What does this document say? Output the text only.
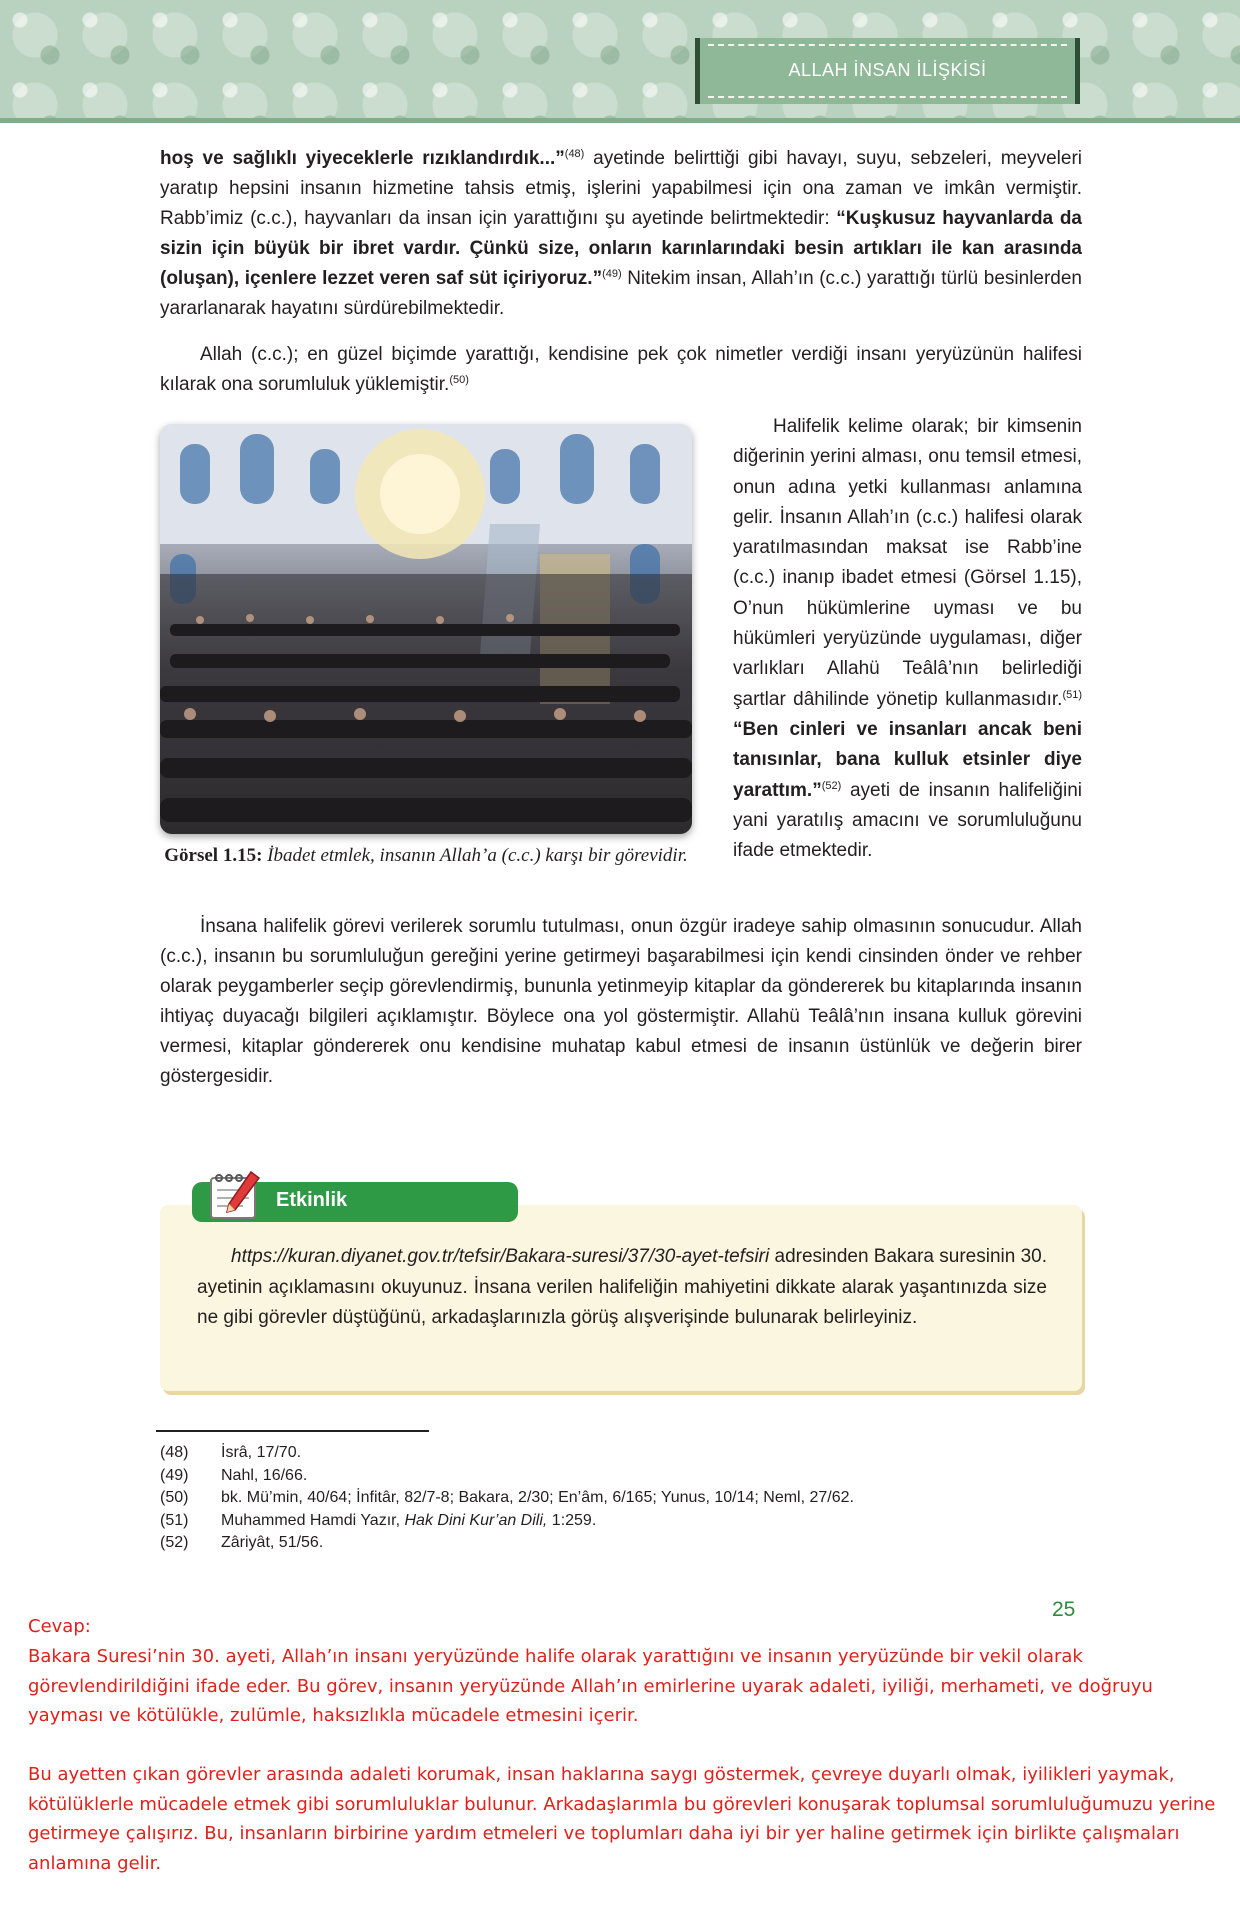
ALLAH İNSAN İLİŞKİSİ

hoş ve sağlıklı yiyeceklerle rızıklandırdık...”$^{(48)}$ ayetinde belirttiği gibi havayı, suyu, sebzeleri, meyveleri yaratıp hepsini insanın hizmetine tahsis etmiş, işlerini yapabilmesi için ona zaman ve imkân vermiştir. Rabb’imiz (c.c.), hayvanları da insan için yarattığını şu ayetinde belirtmektedir: “Kuşkusuz hayvanlarda da sizin için büyük bir ibret vardır. Çünkü size, onların karınlarındaki besin artıkları ile kan arasında (oluşan), içenlere lezzet veren saf süt içiriyoruz.”$^{(49)}$ Nitekim insan, Allah’ın (c.c.) yarattığı türlü besinlerden yararlanarak hayatını sürdürebilmektedir.

Allah (c.c.); en güzel biçimde yarattığı, kendisine pek çok nimetler verdiği insanı yeryüzünün halifesi kılarak ona sorumluluk yüklemiştir.$^{(50)}$

Görsel 1.15: İbadet etmlek, insanın Allah’a (c.c.) karşı bir görevidir.

Halifelik kelime olarak; bir kimsenin diğerinin yerini alması, onu temsil etmesi, onun adına yetki kullanması anlamına gelir. İnsanın Allah’ın (c.c.) halifesi olarak yaratılmasından maksat ise Rabb’ine (c.c.) inanıp ibadet etmesi (Görsel 1.15), O’nun hükümlerine uyması ve bu hükümleri yeryüzünde uygulaması, diğer varlıkları Allahü Teâlâ’nın belirlediği şartlar dâhilinde yönetip kullanmasıdır.$^{(51)}$ “Ben cinleri ve insanları ancak beni tanısınlar, bana kulluk etsinler diye yarattım.”$^{(52)}$ ayeti de insanın halifeliğini yani yaratılış amacını ve sorumluluğunu ifade etmektedir.

İnsana halifelik görevi verilerek sorumlu tutulması, onun özgür iradeye sahip olmasının sonucudur. Allah (c.c.), insanın bu sorumluluğun gereğini yerine getirmeyi başarabilmesi için kendi cinsinden önder ve rehber olarak peygamberler seçip görevlendirmiş, bununla yetinmeyip kitaplar da göndererek bu kitaplarında insanın ihtiyaç duyacağı bilgileri açıklamıştır. Böylece ona yol göstermiştir. Allahü Teâlâ’nın insana kulluk görevini vermesi, kitaplar göndererek onu kendisine muhatap kabul etmesi de insanın üstünlük ve değerin birer göstergesidir.

Etkinlik

https://kuran.diyanet.gov.tr/tefsir/Bakara-suresi/37/30-ayet-tefsiri adresinden Bakara suresinin 30. ayetinin açıklamasını okuyunuz. İnsana verilen halifeliğin mahiyetini dikkate alarak yaşantınızda size ne gibi görevler düştüğünü, arkadaşlarınızla görüş alışverişinde bulunarak belirleyiniz.

(48)	İsrâ, 17/70.
(49)	Nahl, 16/66.
(50)	bk. Mü’min, 40/64; İnfitâr, 82/7-8; Bakara, 2/30; En’âm, 6/165; Yunus, 10/14; Neml, 27/62.
(51)	Muhammed Hamdi Yazır, Hak Dini Kur’an Dili, 1:259.
(52)	Zâriyât, 51/56.
25

Cevap:

Bakara Suresi’nin 30. ayeti, Allah’ın insanı yeryüzünde halife olarak yarattığını ve insanın yeryüzünde bir vekil olarak görevlendirildiğini ifade eder. Bu görev, insanın yeryüzünde Allah’ın emirlerine uyarak adaleti, iyiliği, merhameti, ve doğruyu yayması ve kötülükle, zulümle, haksızlıkla mücadele etmesini içerir.

Bu ayetten çıkan görevler arasında adaleti korumak, insan haklarına saygı göstermek, çevreye duyarlı olmak, iyilikleri yaymak, kötülüklerle mücadele etmek gibi sorumluluklar bulunur. Arkadaşlarımla bu görevleri konuşarak toplumsal sorumluluğumuzu yerine getirmeye çalışırız. Bu, insanların birbirine yardım etmeleri ve toplumları daha iyi bir yer haline getirmek için birlikte çalışmaları anlamına gelir.
